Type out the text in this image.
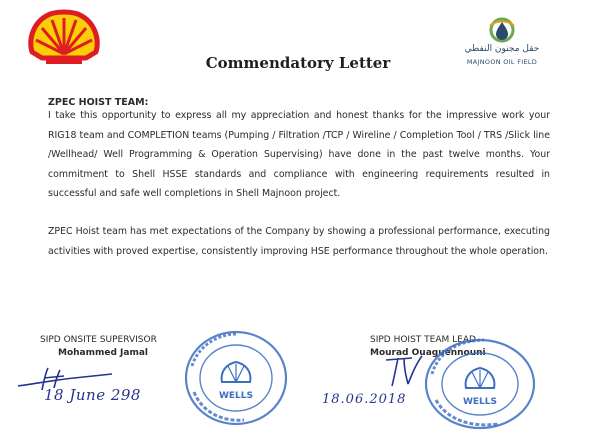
حقل مجنون النفطي
MAJNOON OIL FIELD
Commendatory Letter
ZPEC HOIST TEAM:

I take this opportunity to express all my appreciation and honest thanks for the impressive work your RIG18 team and COMPLETION teams (Pumping / Filtration /TCP / Wireline / Completion Tool / TRS /Slick line /Wellhead/ Well Programming & Operation Supervising) have done in the past twelve months. Your commitment to Shell HSSE standards and compliance with engineering requirements resulted in successful and safe well completions in Shell Majnoon project.

ZPEC Hoist team has met expectations of the Company by showing a professional performance, executing activities with proved expertise, consistently improving HSE performance throughout the whole operation.

SIPD ONSITE SUPERVISOR
Mohammed Jamal
18 June 298	WELLS
SIPD HOIST TEAM LEAD
Mourad Ouaguennouni
18.06.2018	WELLS
